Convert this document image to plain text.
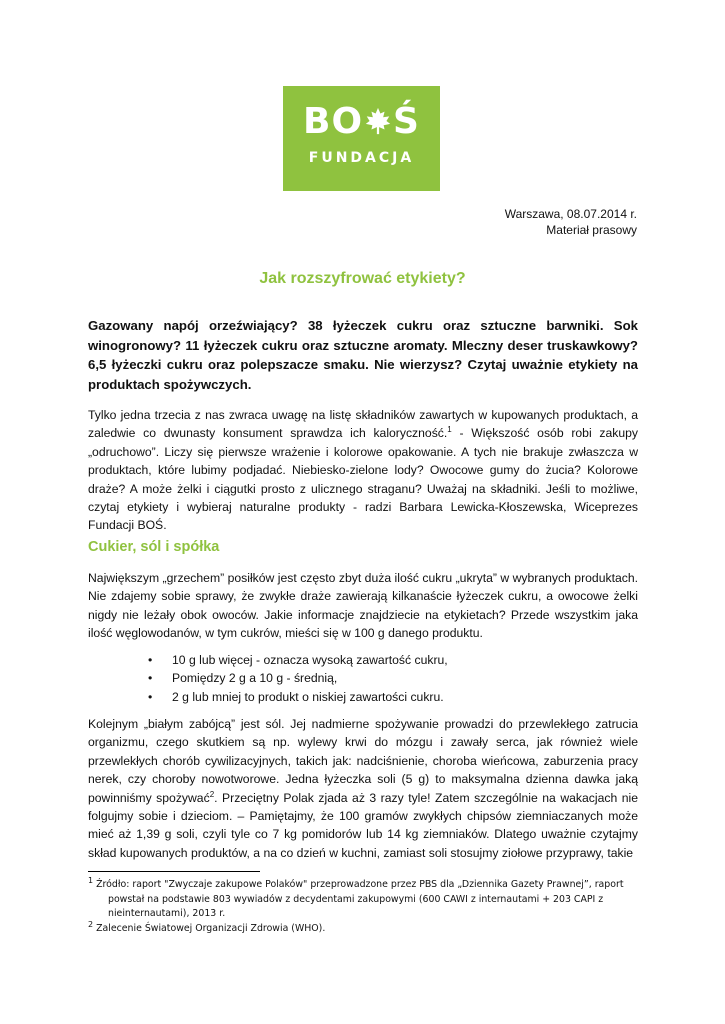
BO Ś
FUNDACJA
Warszawa, 08.07.2014 r.
Materiał prasowy
Jak rozszyfrować etykiety?
Gazowany napój orzeźwiający? 38 łyżeczek cukru oraz sztuczne barwniki. Sok winogronowy? 11 łyżeczek cukru oraz sztuczne aromaty. Mleczny deser truskawkowy? 6,5 łyżeczki cukru oraz polepszacze smaku. Nie wierzysz? Czytaj uważnie etykiety na produktach spożywczych.
Tylko jedna trzecia z nas zwraca uwagę na listę składników zawartych w kupowanych produktach, a zaledwie co dwunasty konsument sprawdza ich kaloryczność.$^1$ - Większość osób robi zakupy „odruchowo”. Liczy się pierwsze wrażenie i kolorowe opakowanie. A tych nie brakuje zwłaszcza w produktach, które lubimy podjadać. Niebiesko-zielone lody? Owocowe gumy do żucia? Kolorowe draże? A może żelki i ciągutki prosto z ulicznego straganu? Uważaj na składniki. Jeśli to możliwe, czytaj etykiety i wybieraj naturalne produkty - radzi Barbara Lewicka-Kłoszewska, Wiceprezes Fundacji BOŚ.
Cukier, sól i spółka
Największym „grzechem” posiłków jest często zbyt duża ilość cukru „ukryta” w wybranych produktach. Nie zdajemy sobie sprawy, że zwykłe draże zawierają kilkanaście łyżeczek cukru, a owocowe żelki nigdy nie leżały obok owoców. Jakie informacje znajdziecie na etykietach? Przede wszystkim jaka ilość węglowodanów, w tym cukrów, mieści się w 100 g danego produktu.
• 10 g lub więcej - oznacza wysoką zawartość cukru,
• Pomiędzy 2 g a 10 g - średnią,
• 2 g lub mniej to produkt o niskiej zawartości cukru.
Kolejnym „białym zabójcą” jest sól. Jej nadmierne spożywanie prowadzi do przewlekłego zatrucia organizmu, czego skutkiem są np. wylewy krwi do mózgu i zawały serca, jak również wiele przewlekłych chorób cywilizacyjnych, takich jak: nadciśnienie, choroba wieńcowa, zaburzenia pracy nerek, czy choroby nowotworowe. Jedna łyżeczka soli (5 g) to maksymalna dzienna dawka jaką powinniśmy spożywać$^2$. Przeciętny Polak zjada aż 3 razy tyle! Zatem szczególnie na wakacjach nie folgujmy sobie i dzieciom. – Pamiętajmy, że 100 gramów zwykłych chipsów ziemniaczanych może mieć aż 1,39 g soli, czyli tyle co 7 kg pomidorów lub 14 kg ziemniaków. Dlatego uważnie czytajmy skład kupowanych produktów, a na co dzień w kuchni, zamiast soli stosujmy ziołowe przyprawy, takie
$^1$ Źródło: raport "Zwyczaje zakupowe Polaków" przeprowadzone przez PBS dla „Dziennika Gazety Prawnej”, raport powstał na podstawie 803 wywiadów z decydentami zakupowymi (600 CAWI z internautami + 203 CAPI z nieinternautami), 2013 r.
$^2$ Zalecenie Światowej Organizacji Zdrowia (WHO).
